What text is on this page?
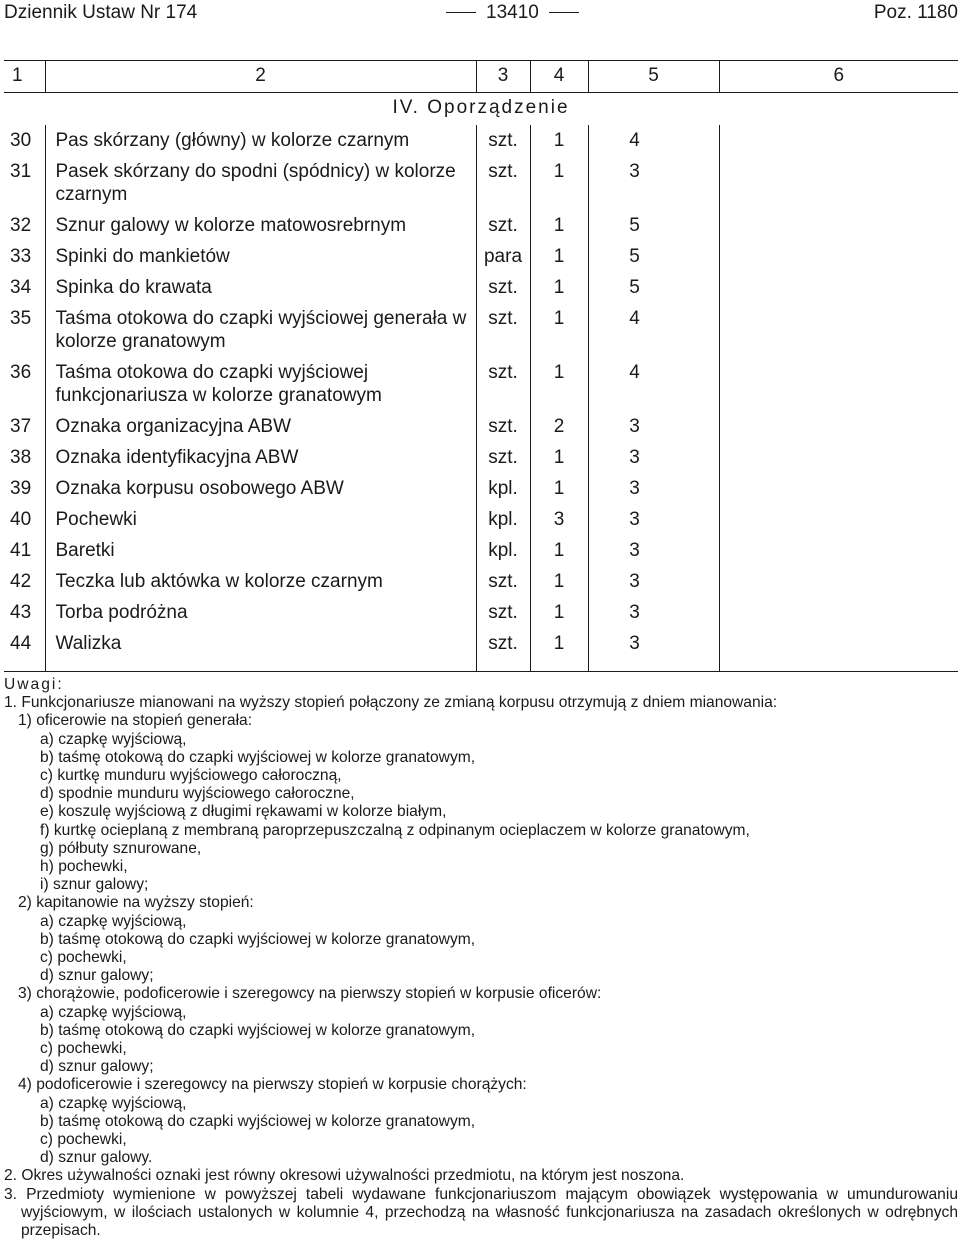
Dziennik Ustaw Nr 174	13410	Poz. 1180
1	2	3	4	5	6
IV. Oporządzenie					
30	Pas skórzany (główny) w kolorze czarnym	szt.	1	4	
31	Pasek skórzany do spodni (spódnicy) w kolorze czarnym	szt.	1	3	
32	Sznur galowy w kolorze matowosrebrnym	szt.	1	5	
33	Spinki do mankietów	para	1	5	
34	Spinka do krawata	szt.	1	5	
35	Taśma otokowa do czapki wyjściowej generała w kolorze granatowym	szt.	1	4	
36	Taśma otokowa do czapki wyjściowej funkcjonariusza w kolorze granatowym	szt.	1	4	
37	Oznaka organizacyjna ABW	szt.	2	3	
38	Oznaka identyfikacyjna ABW	szt.	1	3	
39	Oznaka korpusu osobowego ABW	kpl.	1	3	
40	Pochewki	kpl.	3	3	
41	Baretki	kpl.	1	3	
42	Teczka lub aktówka w kolorze czarnym	szt.	1	3	
43	Torba podróżna	szt.	1	3	
44	Walizka	szt.	1	3	

Uwagi:

1. Funkcjonariusze mianowani na wyższy stopień połączony ze zmianą korpusu otrzymują z dniem mianowania:

1) oficerowie na stopień generała:

a) czapkę wyjściową,

b) taśmę otokową do czapki wyjściowej w kolorze granatowym,

c) kurtkę munduru wyjściowego całoroczną,

d) spodnie munduru wyjściowego całoroczne,

e) koszulę wyjściową z długimi rękawami w kolorze białym,

f) kurtkę ocieplaną z membraną paroprzepuszczalną z odpinanym ocieplaczem w kolorze granatowym,

g) półbuty sznurowane,

h) pochewki,

i) sznur galowy;

2) kapitanowie na wyższy stopień:

a) czapkę wyjściową,

b) taśmę otokową do czapki wyjściowej w kolorze granatowym,

c) pochewki,

d) sznur galowy;

3) chorążowie, podoficerowie i szeregowcy na pierwszy stopień w korpusie oficerów:

a) czapkę wyjściową,

b) taśmę otokową do czapki wyjściowej w kolorze granatowym,

c) pochewki,

d) sznur galowy;

4) podoficerowie i szeregowcy na pierwszy stopień w korpusie chorążych:

a) czapkę wyjściową,

b) taśmę otokową do czapki wyjściowej w kolorze granatowym,

c) pochewki,

d) sznur galowy.

2. Okres używalności oznaki jest równy okresowi używalności przedmiotu, na którym jest noszona.

3. Przedmioty wymienione w powyższej tabeli wydawane funkcjonariuszom mającym obowiązek występowania w umundurowaniu wyjściowym, w ilościach ustalonych w kolumnie 4, przechodzą na własność funkcjonariusza na zasadach określonych w odrębnych przepisach.
